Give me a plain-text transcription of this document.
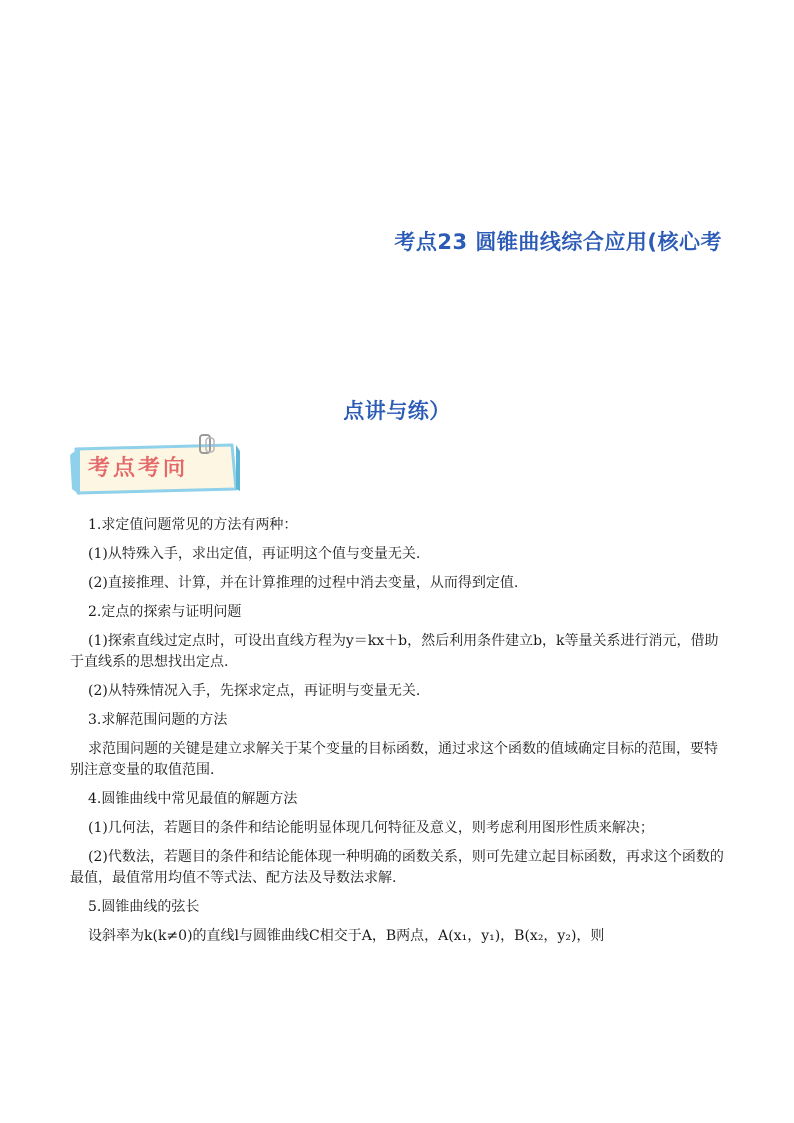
考点23 圆锥曲线综合应用(核心考
点讲与练）
考点考向

1.求定值问题常见的方法有两种：

(1)从特殊入手，求出定值，再证明这个值与变量无关.

(2)直接推理、计算，并在计算推理的过程中消去变量，从而得到定值.

2.定点的探索与证明问题

(1)探索直线过定点时，可设出直线方程为y＝kx＋b，然后利用条件建立b，k等量关系进行消元，借助于直线系的思想找出定点.

(2)从特殊情况入手，先探求定点，再证明与变量无关.

3.求解范围问题的方法

求范围问题的关键是建立求解关于某个变量的目标函数，通过求这个函数的值域确定目标的范围，要特别注意变量的取值范围.

4.圆锥曲线中常见最值的解题方法

(1)几何法，若题目的条件和结论能明显体现几何特征及意义，则考虑利用图形性质来解决；

(2)代数法，若题目的条件和结论能体现一种明确的函数关系，则可先建立起目标函数，再求这个函数的最值，最值常用均值不等式法、配方法及导数法求解.

5.圆锥曲线的弦长

设斜率为k(k≠0)的直线l与圆锥曲线C相交于A，B两点，A(x₁，y₁)，B(x₂，y₂)，则
